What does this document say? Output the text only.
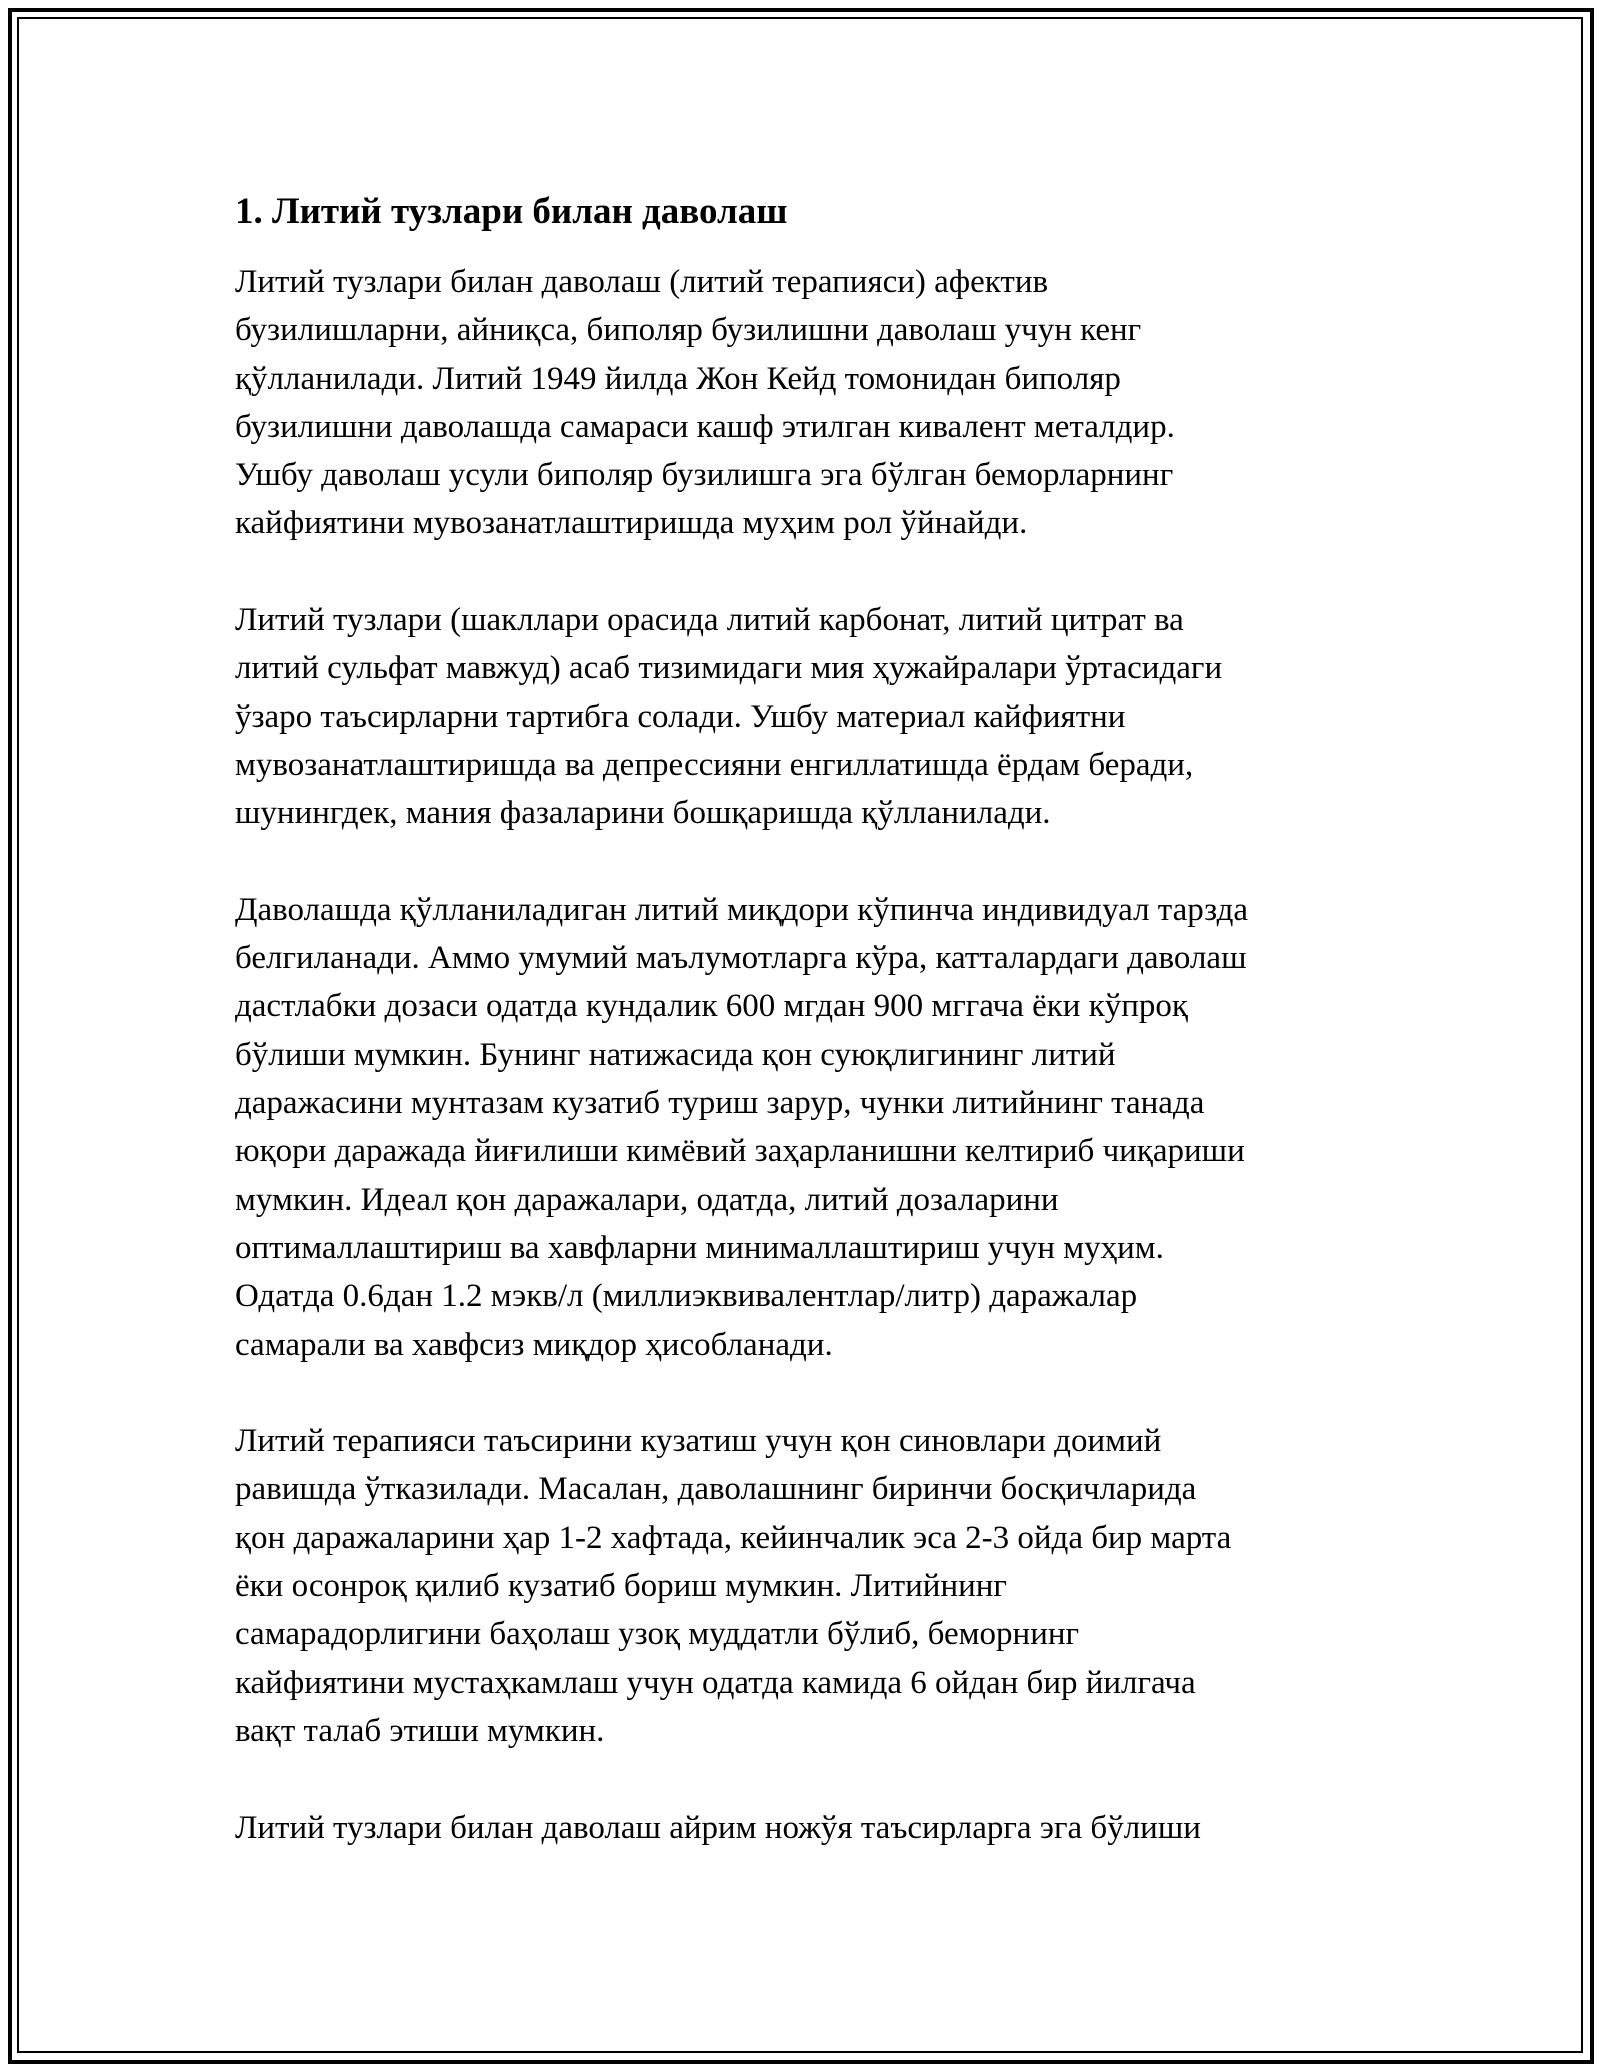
1. Литий тузлари билан даволаш
Литий тузлари билан даволаш (литий терапияси) афектив
бузилишларни, айниқса, биполяр бузилишни даволаш учун кенг
қўлланилади. Литий 1949 йилда Жон Кейд томонидан биполяр
бузилишни даволашда самараси кашф этилган кивалент металдир.
Ушбу даволаш усули биполяр бузилишга эга бўлган беморларнинг
кайфиятини мувозанатлаштиришда муҳим рол ўйнайди.
Литий тузлари (шакллари орасида литий карбонат, литий цитрат ва
литий сульфат мавжуд) асаб тизимидаги мия ҳужайралари ўртасидаги
ўзаро таъсирларни тартибга солади. Ушбу материал кайфиятни
мувозанатлаштиришда ва депрессияни енгиллатишда ёрдам беради,
шунингдек, мания фазаларини бошқаришда қўлланилади.
Даволашда қўлланиладиган литий миқдори кўпинча индивидуал тарзда
белгиланади. Аммо умумий маълумотларга кўра, катталардаги даволаш
дастлабки дозаси одатда кундалик 600 мгдан 900 мггача ёки кўпроқ
бўлиши мумкин. Бунинг натижасида қон суюқлигининг литий
даражасини мунтазам кузатиб туриш зарур, чунки литийнинг танада
юқори даражада йиғилиши кимёвий заҳарланишни келтириб чиқариши
мумкин. Идеал қон даражалари, одатда, литий дозаларини
оптималлаштириш ва хавфларни минималлаштириш учун муҳим.
Одатда 0.6дан 1.2 мэкв/л (миллиэквивалентлар/литр) даражалар
самарали ва хавфсиз миқдор ҳисобланади.
Литий терапияси таъсирини кузатиш учун қон синовлари доимий
равишда ўтказилади. Масалан, даволашнинг биринчи босқичларида
қон даражаларини ҳар 1-2 хафтада, кейинчалик эса 2-3 ойда бир марта
ёки осонроқ қилиб кузатиб бориш мумкин. Литийнинг
самарадорлигини баҳолаш узоқ муддатли бўлиб, беморнинг
кайфиятини мустаҳкамлаш учун одатда камида 6 ойдан бир йилгача
вақт талаб этиши мумкин.
Литий тузлари билан даволаш айрим ножўя таъсирларга эга бўлиши
